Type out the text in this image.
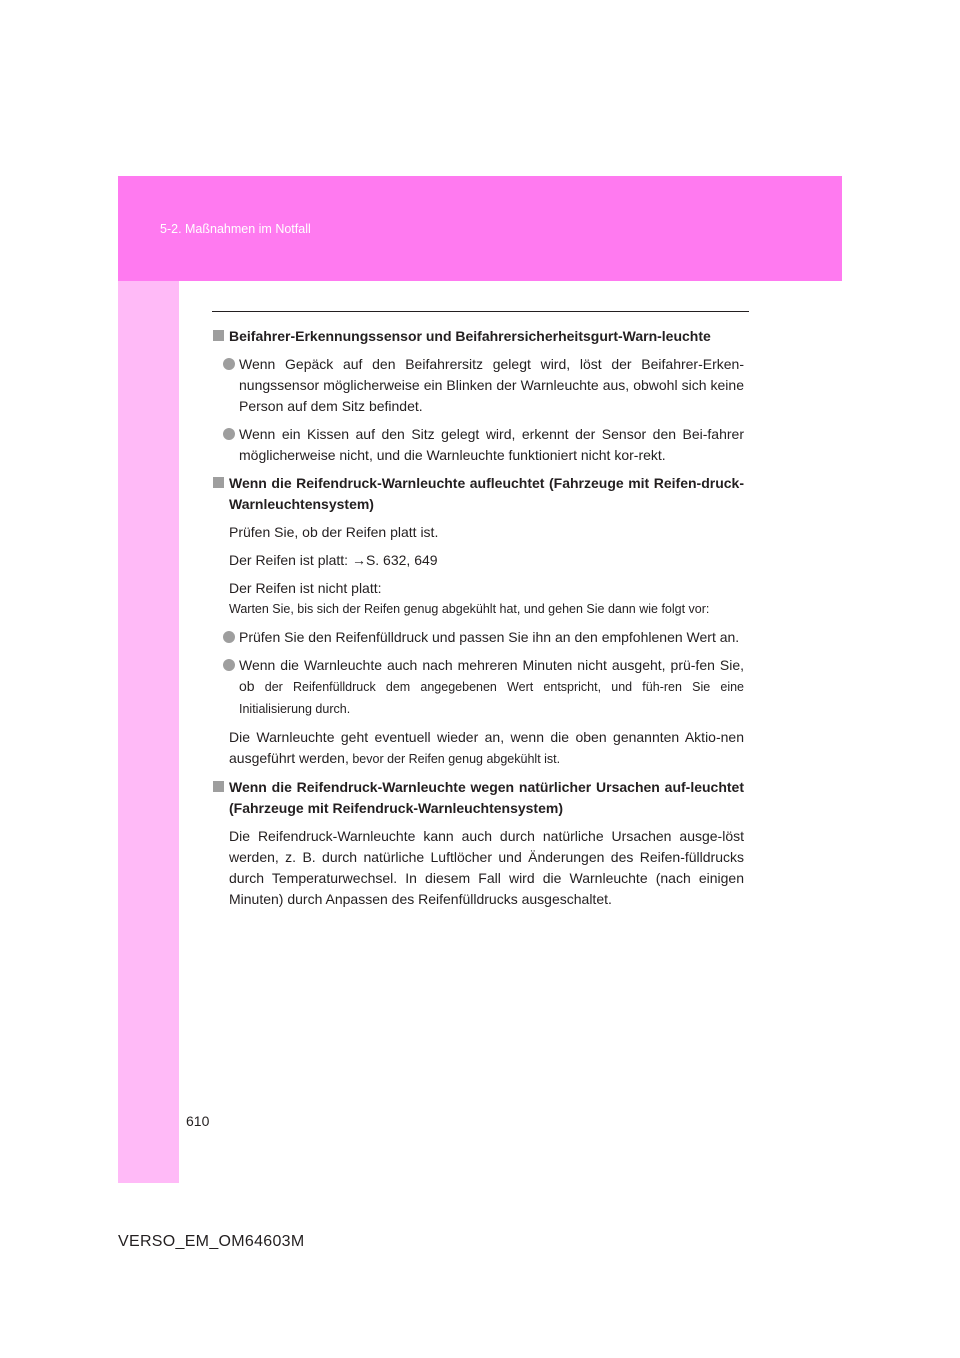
5-2. Maßnahmen im Notfall
Beifahrer-Erkennungssensor und Beifahrersicherheitsgurt-Warn-leuchte
Wenn Gepäck auf den Beifahrersitz gelegt wird, löst der Beifahrer-Erken-nungssensor möglicherweise ein Blinken der Warnleuchte aus, obwohl sich keine Person auf dem Sitz befindet.
Wenn ein Kissen auf den Sitz gelegt wird, erkennt der Sensor den Bei-fahrer möglicherweise nicht, und die Warnleuchte funktioniert nicht kor-rekt.
Wenn die Reifendruck-Warnleuchte aufleuchtet (Fahrzeuge mit Reifen-druck-Warnleuchtensystem)
Prüfen Sie, ob der Reifen platt ist.
Der Reifen ist platt: →S. 632, 649
Der Reifen ist nicht platt:
Warten Sie, bis sich der Reifen genug abgekühlt hat, und gehen Sie dann wie folgt vor:
Prüfen Sie den Reifenfülldruck und passen Sie ihn an den empfohlenen Wert an.
Wenn die Warnleuchte auch nach mehreren Minuten nicht ausgeht, prü-fen Sie, ob der Reifenfülldruck dem angegebenen Wert entspricht, und füh-ren Sie eine Initialisierung durch.
Die Warnleuchte geht eventuell wieder an, wenn die oben genannten Aktio-nen ausgeführt werden, bevor der Reifen genug abgekühlt ist.
Wenn die Reifendruck-Warnleuchte wegen natürlicher Ursachen auf-leuchtet (Fahrzeuge mit Reifendruck-Warnleuchtensystem)
Die Reifendruck-Warnleuchte kann auch durch natürliche Ursachen ausge-löst werden, z. B. durch natürliche Luftlöcher und Änderungen des Reifen-fülldrucks durch Temperaturwechsel. In diesem Fall wird die Warnleuchte (nach einigen Minuten) durch Anpassen des Reifenfülldrucks ausgeschaltet.
610
VERSO_EM_OM64603M
